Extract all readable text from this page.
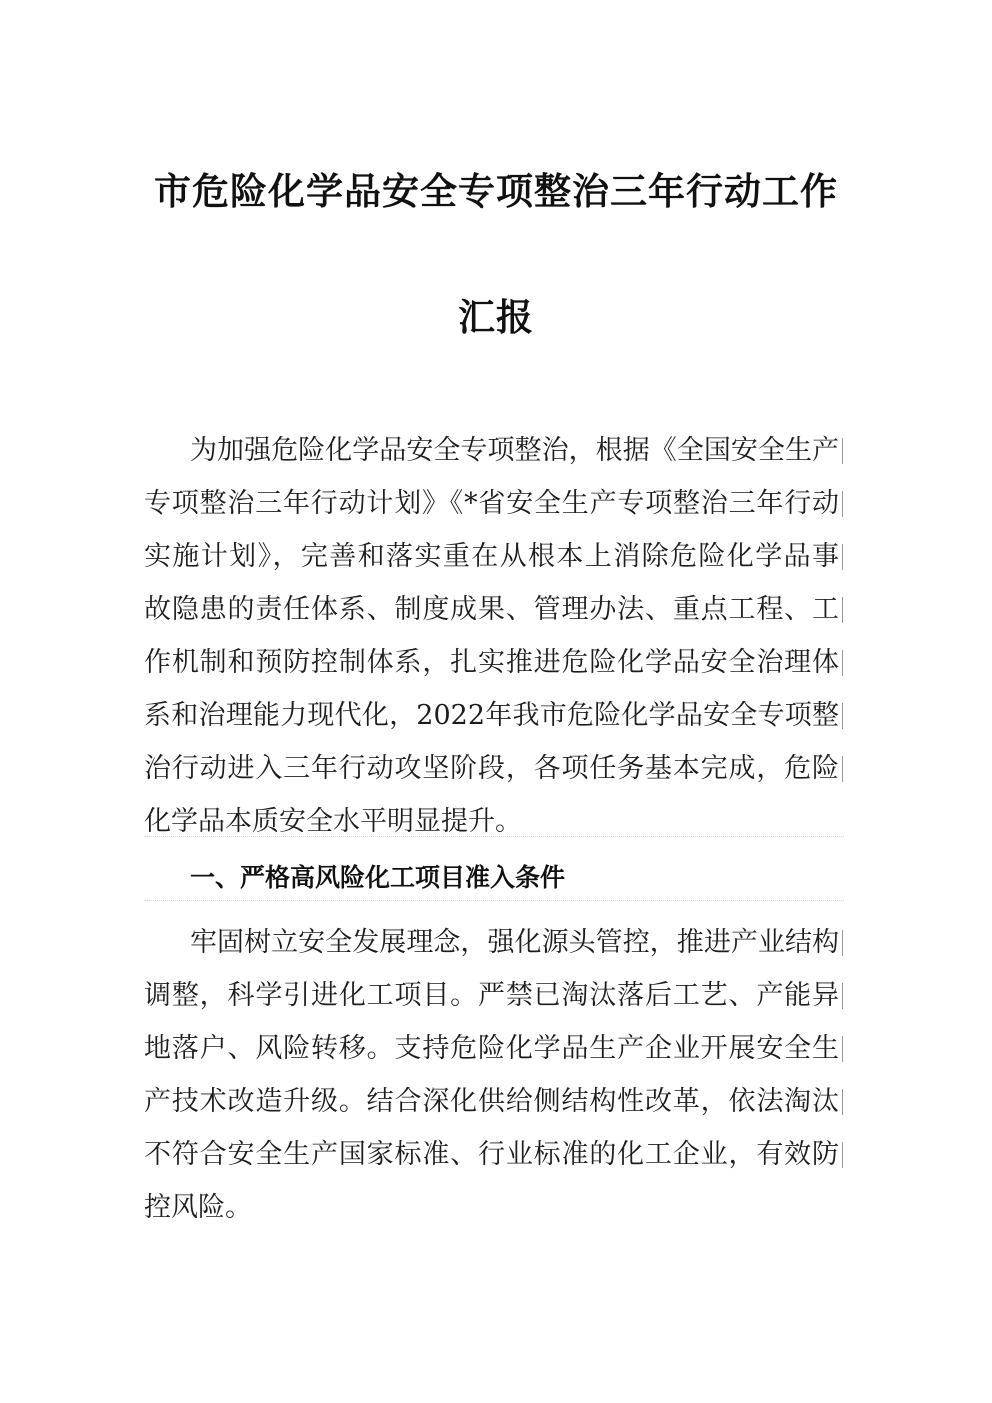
市危险化学品安全专项整治三年行动工作
汇报
为加强危险化学品安全专项整治，根据《全国安全生产
专项整治三年行动计划》《*省安全生产专项整治三年行动
实施计划》，完善和落实重在从根本上消除危险化学品事
故隐患的责任体系、制度成果、管理办法、重点工程、工
作机制和预防控制体系，扎实推进危险化学品安全治理体
系和治理能力现代化，2022年我市危险化学品安全专项整
治行动进入三年行动攻坚阶段，各项任务基本完成，危险
化学品本质安全水平明显提升。
一、严格高风险化工项目准入条件
牢固树立安全发展理念，强化源头管控，推进产业结构
调整，科学引进化工项目。严禁已淘汰落后工艺、产能异
地落户、风险转移。支持危险化学品生产企业开展安全生
产技术改造升级。结合深化供给侧结构性改革，依法淘汰
不符合安全生产国家标准、行业标准的化工企业，有效防
控风险。
